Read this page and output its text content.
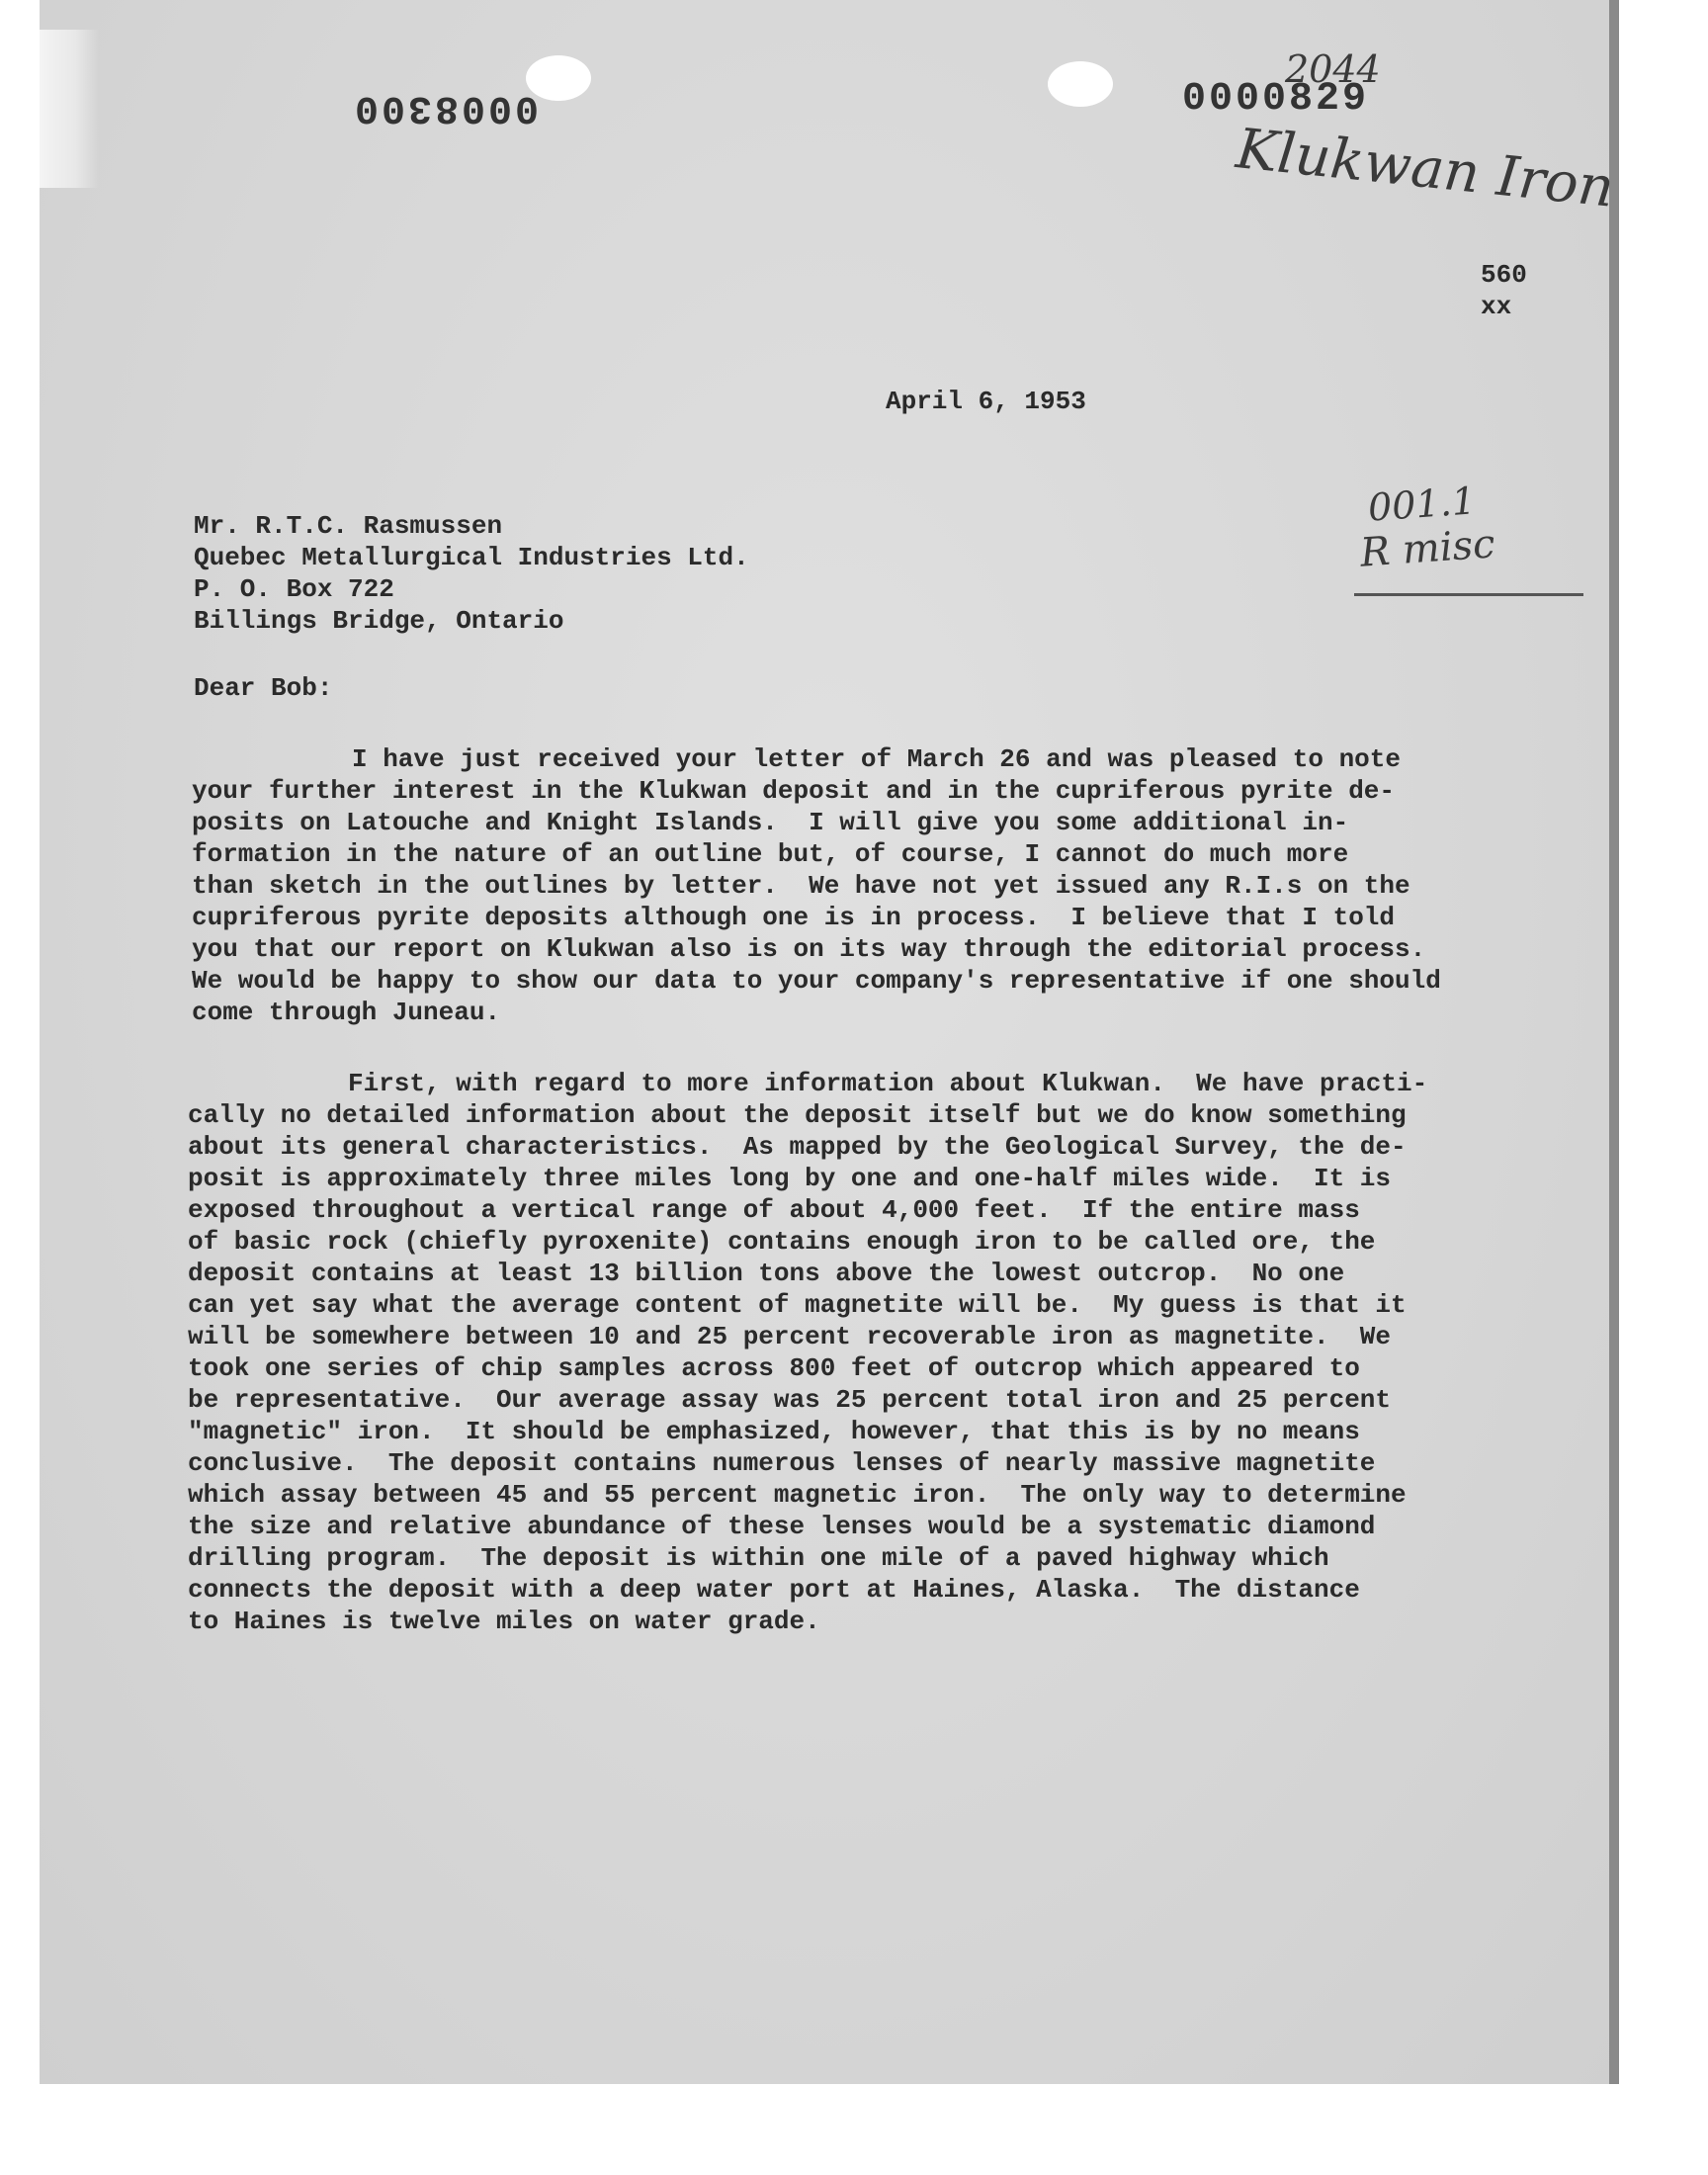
0008300	0000829
2044
Klukwan Iron
001.1
R misc
560
xx
April 6, 1953
Mr. R.T.C. Rasmussen
Quebec Metallurgical Industries Ltd.
P. O. Box 722
Billings Bridge, Ontario
Dear Bob:
I have just received your letter of March 26 and was pleased to note
your further interest in the Klukwan deposit and in the cupriferous pyrite de-
posits on Latouche and Knight Islands.  I will give you some additional in-
formation in the nature of an outline but, of course, I cannot do much more
than sketch in the outlines by letter.  We have not yet issued any R.I.s on the
cupriferous pyrite deposits although one is in process.  I believe that I told
you that our report on Klukwan also is on its way through the editorial process.
We would be happy to show our data to your company's representative if one should
come through Juneau.
First, with regard to more information about Klukwan.  We have practi-
cally no detailed information about the deposit itself but we do know something
about its general characteristics.  As mapped by the Geological Survey, the de-
posit is approximately three miles long by one and one-half miles wide.  It is
exposed throughout a vertical range of about 4,000 feet.  If the entire mass
of basic rock (chiefly pyroxenite) contains enough iron to be called ore, the
deposit contains at least 13 billion tons above the lowest outcrop.  No one
can yet say what the average content of magnetite will be.  My guess is that it
will be somewhere between 10 and 25 percent recoverable iron as magnetite.  We
took one series of chip samples across 800 feet of outcrop which appeared to
be representative.  Our average assay was 25 percent total iron and 25 percent
"magnetic" iron.  It should be emphasized, however, that this is by no means
conclusive.  The deposit contains numerous lenses of nearly massive magnetite
which assay between 45 and 55 percent magnetic iron.  The only way to determine
the size and relative abundance of these lenses would be a systematic diamond
drilling program.  The deposit is within one mile of a paved highway which
connects the deposit with a deep water port at Haines, Alaska.  The distance
to Haines is twelve miles on water grade.
